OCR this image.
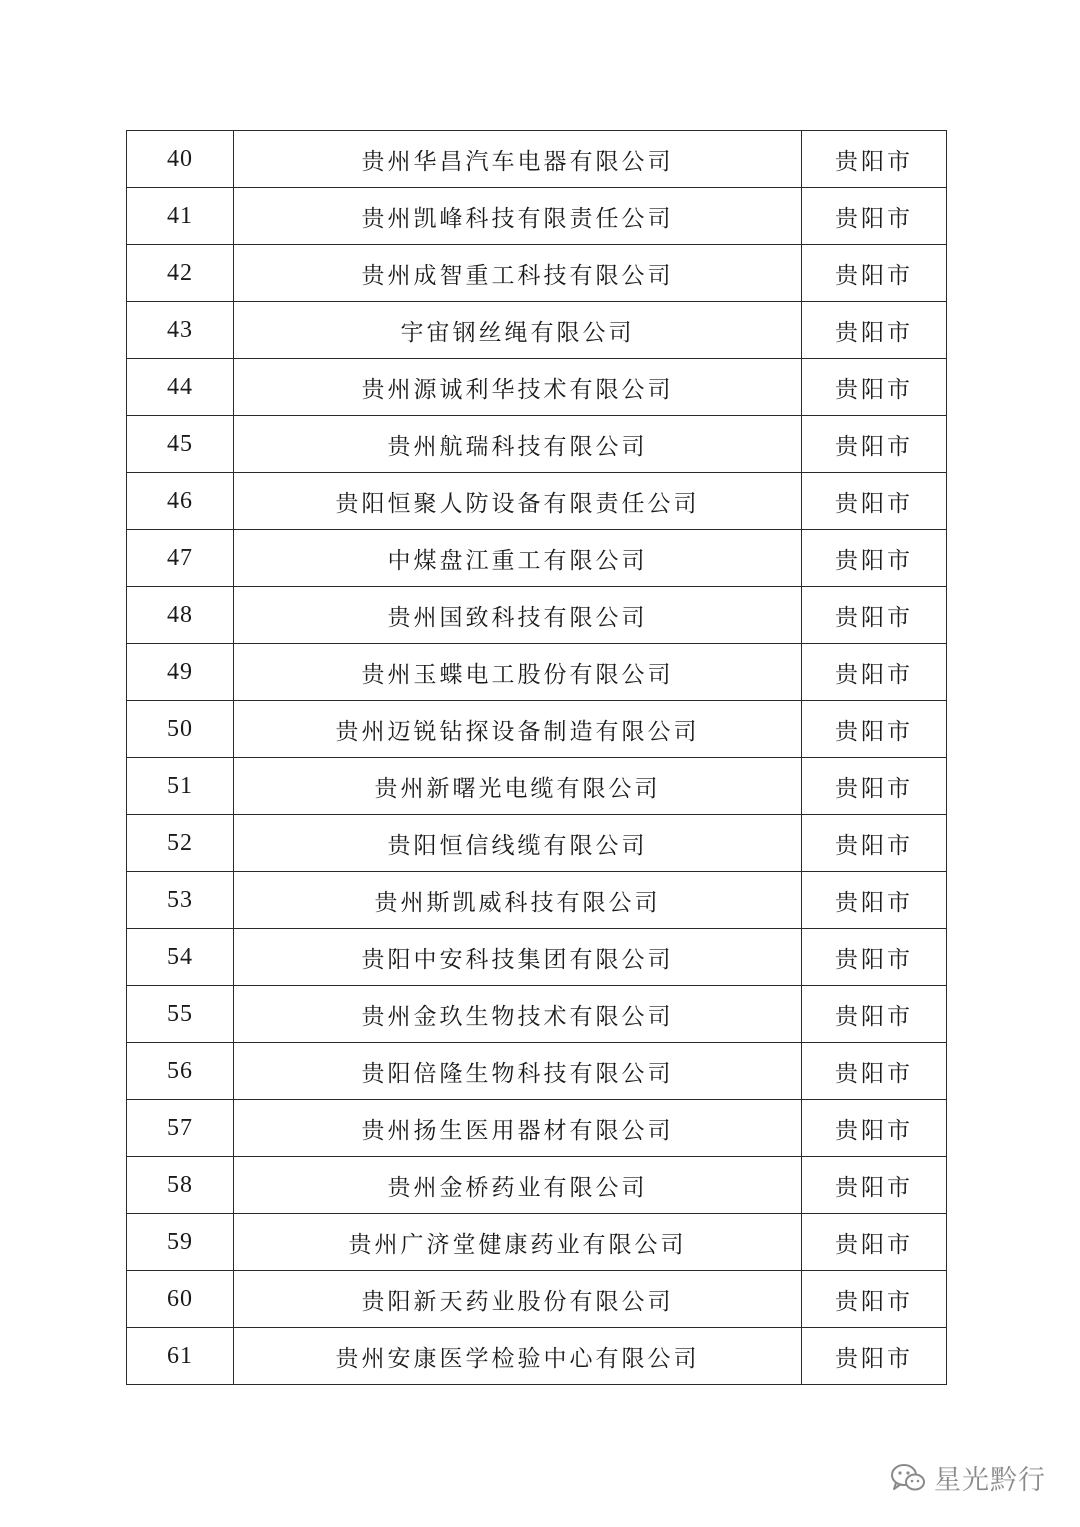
40	贵州华昌汽车电器有限公司	贵阳市
41	贵州凯峰科技有限责任公司	贵阳市
42	贵州成智重工科技有限公司	贵阳市
43	宇宙钢丝绳有限公司	贵阳市
44	贵州源诚利华技术有限公司	贵阳市
45	贵州航瑞科技有限公司	贵阳市
46	贵阳恒聚人防设备有限责任公司	贵阳市
47	中煤盘江重工有限公司	贵阳市
48	贵州国致科技有限公司	贵阳市
49	贵州玉蝶电工股份有限公司	贵阳市
50	贵州迈锐钻探设备制造有限公司	贵阳市
51	贵州新曙光电缆有限公司	贵阳市
52	贵阳恒信线缆有限公司	贵阳市
53	贵州斯凯威科技有限公司	贵阳市
54	贵阳中安科技集团有限公司	贵阳市
55	贵州金玖生物技术有限公司	贵阳市
56	贵阳倍隆生物科技有限公司	贵阳市
57	贵州扬生医用器材有限公司	贵阳市
58	贵州金桥药业有限公司	贵阳市
59	贵州广济堂健康药业有限公司	贵阳市
60	贵阳新天药业股份有限公司	贵阳市
61	贵州安康医学检验中心有限公司	贵阳市
星光黔行
